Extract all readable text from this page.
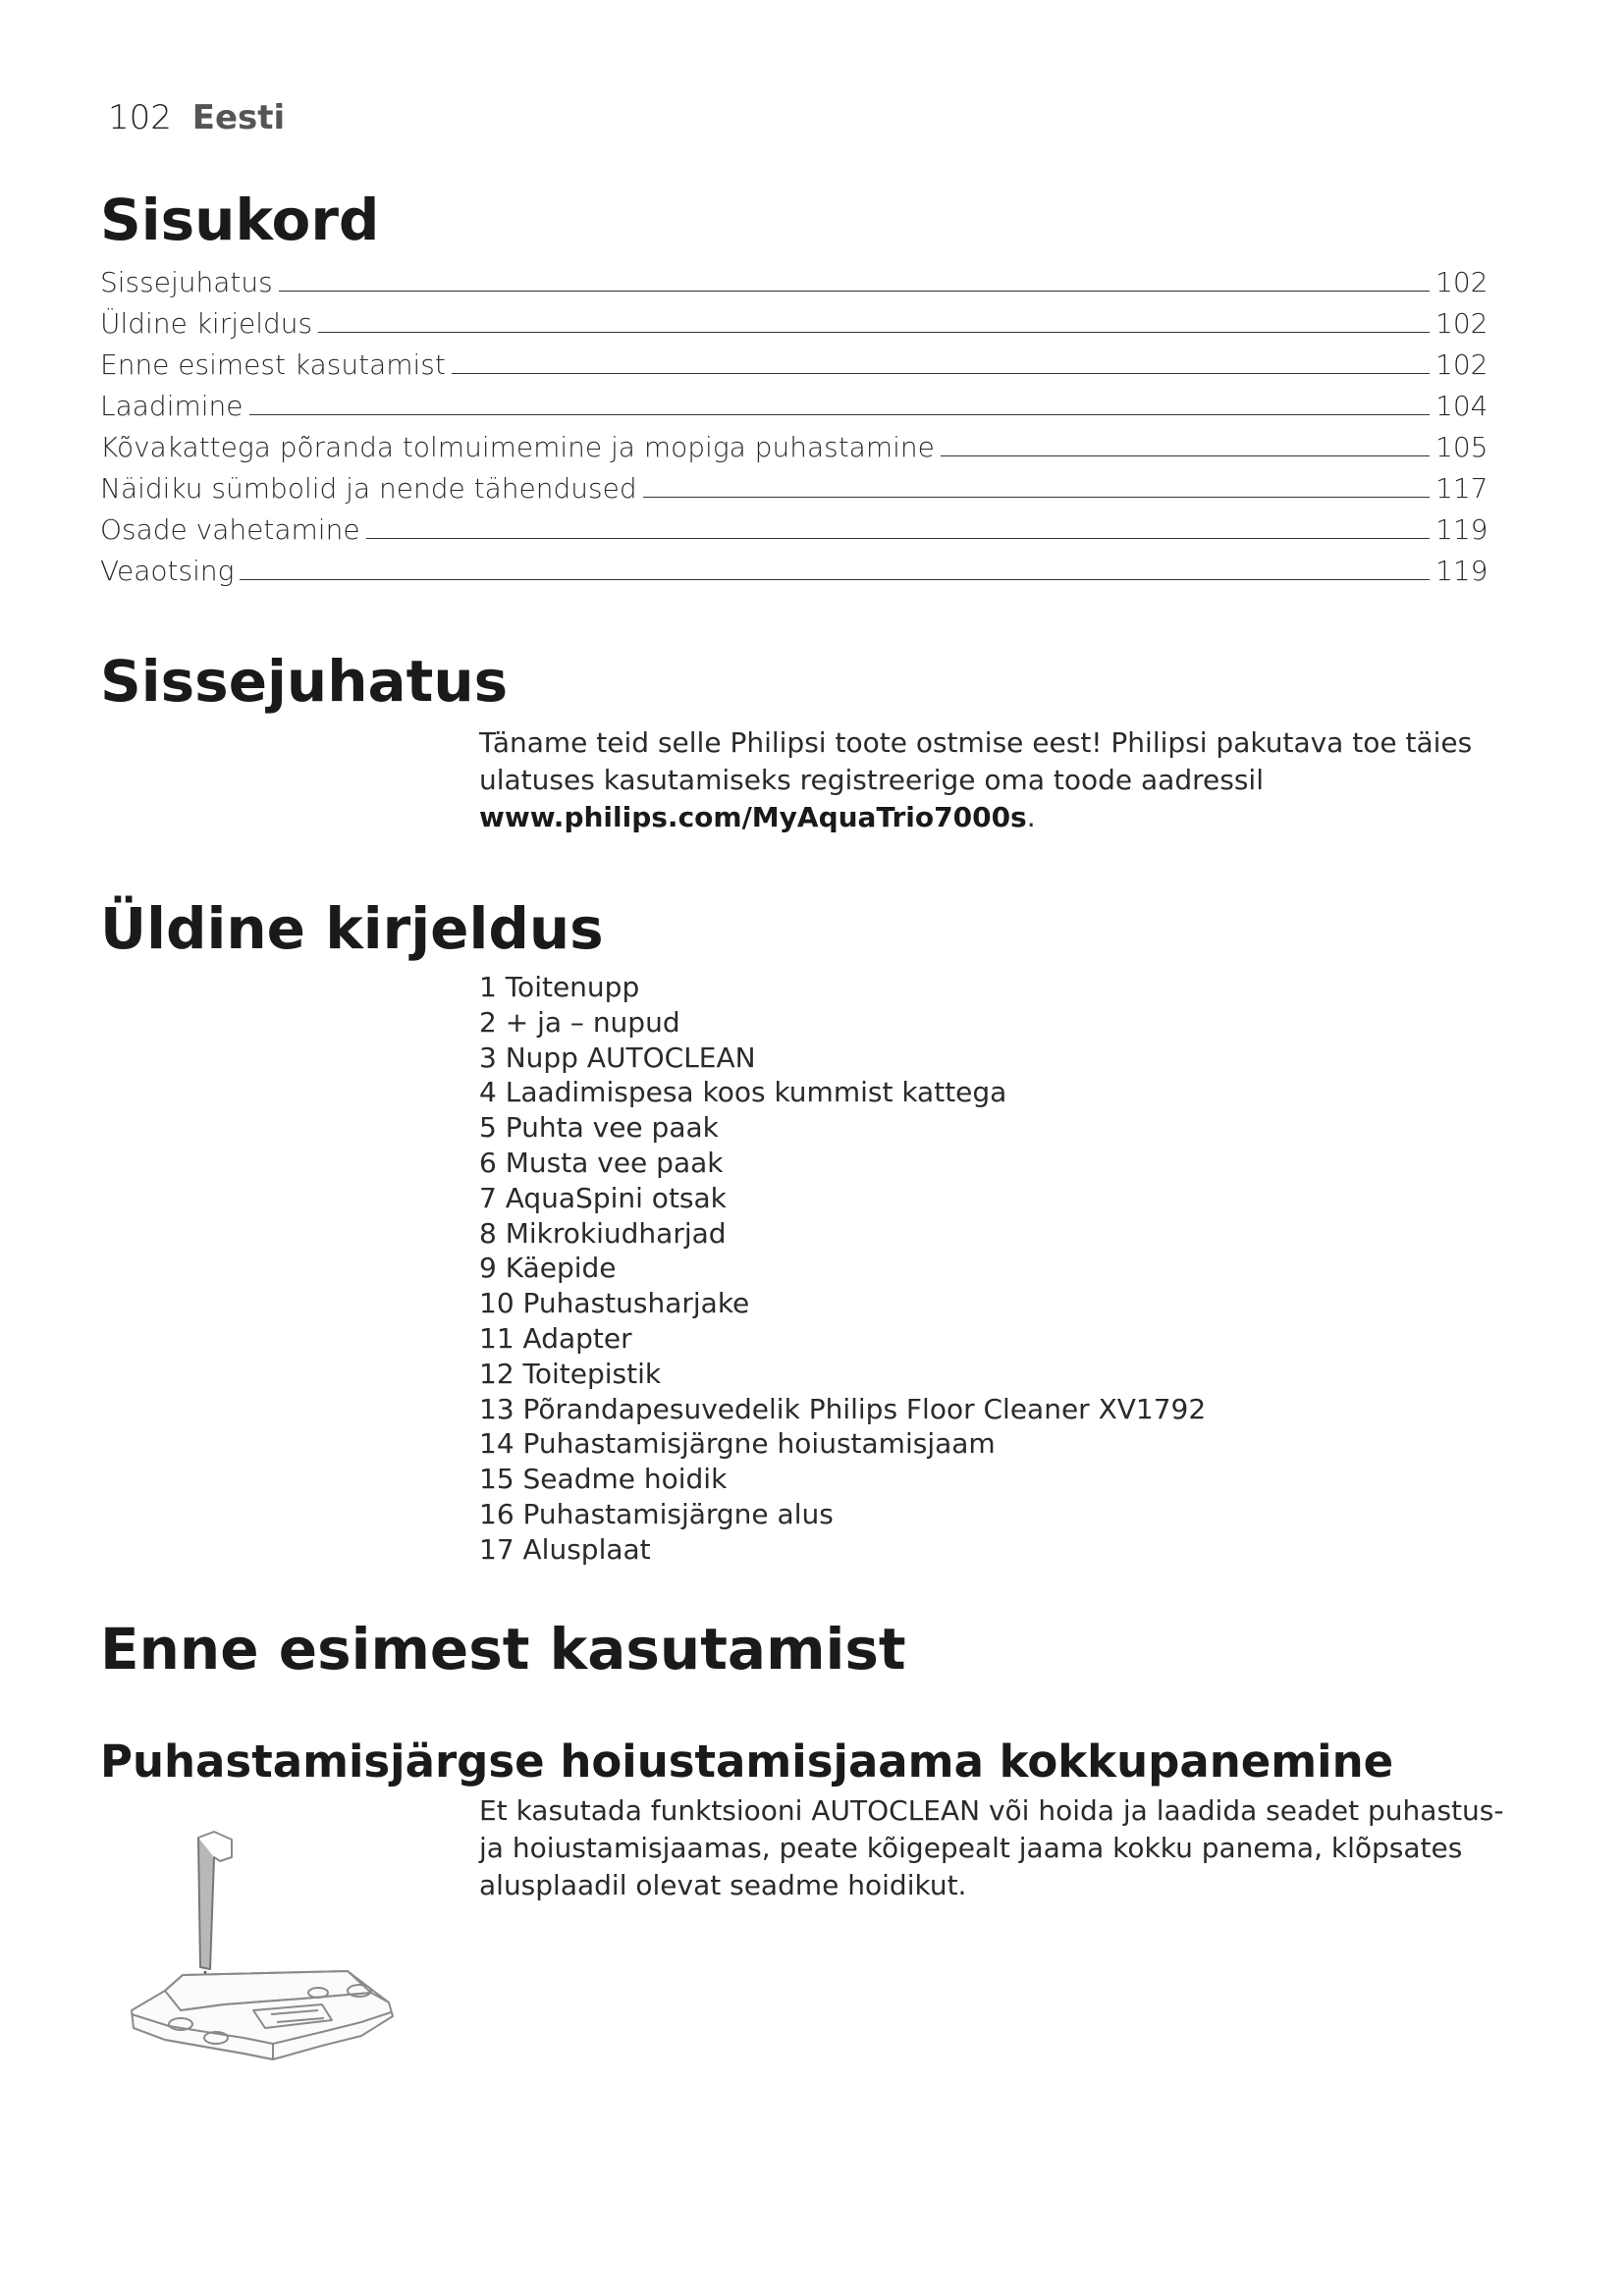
102 Eesti
Sisukord
Sissejuhatus	102
Üldine kirjeldus	102
Enne esimest kasutamist	102
Laadimine	104
Kõvakattega põranda tolmuimemine ja mopiga puhastamine	105
Näidiku sümbolid ja nende tähendused	117
Osade vahetamine	119
Veaotsing	119
Sissejuhatus
Täname teid selle Philipsi toote ostmise eest! Philipsi pakutava toe täies ulatuses kasutamiseks registreerige oma toode aadressil
www.philips.com/MyAquaTrio7000s.
Üldine kirjeldus
1 Toitenupp
2 + ja – nupud
3 Nupp AUTOCLEAN
4 Laadimispesa koos kummist kattega
5 Puhta vee paak
6 Musta vee paak
7 AquaSpini otsak
8 Mikrokiudharjad
9 Käepide
10 Puhastusharjake
11 Adapter
12 Toitepistik
13 Põrandapesuvedelik Philips Floor Cleaner XV1792
14 Puhastamisjärgne hoiustamisjaam
15 Seadme hoidik
16 Puhastamisjärgne alus
17 Alusplaat
Enne esimest kasutamist
Puhastamisjärgse hoiustamisjaama kokkupanemine
Et kasutada funktsiooni AUTOCLEAN või hoida ja laadida seadet puhastus- ja hoiustamisjaamas, peate kõigepealt jaama kokku panema, klõpsates alusplaadil olevat seadme hoidikut.
